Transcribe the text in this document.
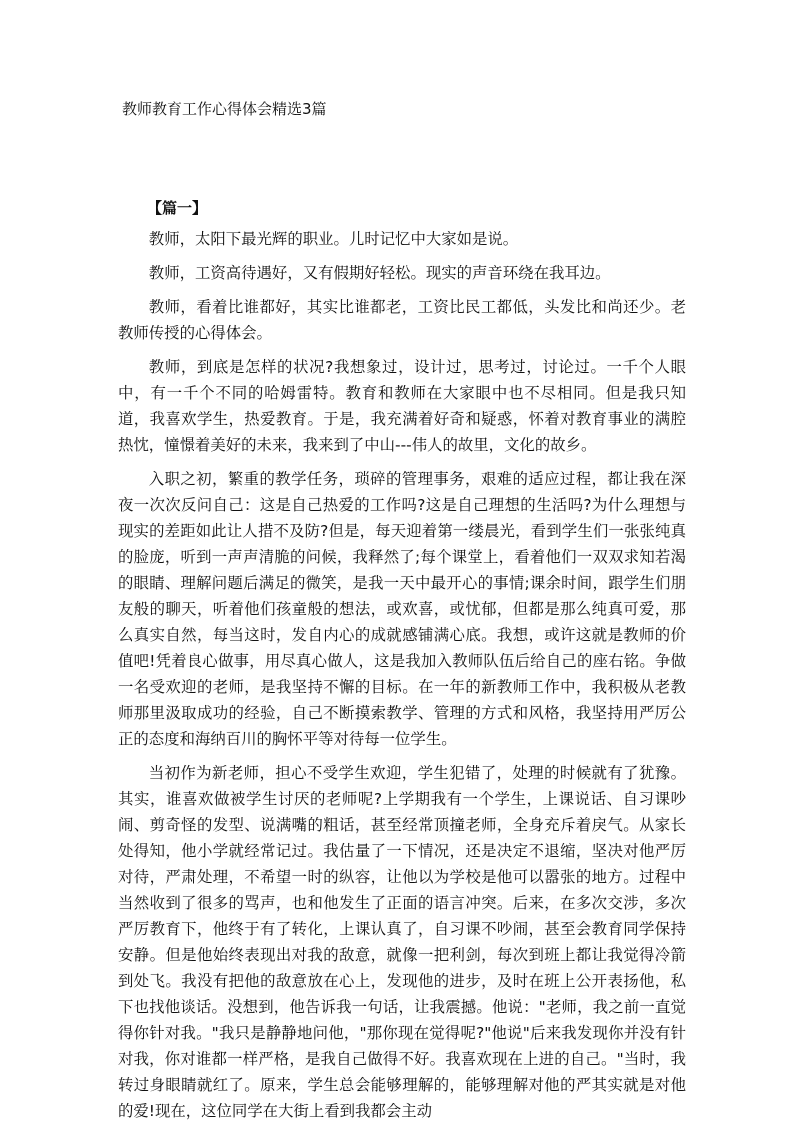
教师教育工作心得体会精选3篇
【篇一】

教师，太阳下最光辉的职业。儿时记忆中大家如是说。

教师，工资高待遇好，又有假期好轻松。现实的声音环绕在我耳边。

教师，看着比谁都好，其实比谁都老，工资比民工都低，头发比和尚还少。老教师传授的心得体会。

教师，到底是怎样的状况?我想象过，设计过，思考过，讨论过。一千个人眼中，有一千个不同的哈姆雷特。教育和教师在大家眼中也不尽相同。但是我只知道，我喜欢学生，热爱教育。于是，我充满着好奇和疑惑，怀着对教育事业的满腔热忱，憧憬着美好的未来，我来到了中山---伟人的故里，文化的故乡。

入职之初，繁重的教学任务，琐碎的管理事务，艰难的适应过程，都让我在深夜一次次反问自己：这是自己热爱的工作吗?这是自己理想的生活吗?为什么理想与现实的差距如此让人措不及防?但是，每天迎着第一缕晨光，看到学生们一张张纯真的脸庞，听到一声声清脆的问候，我释然了;每个课堂上，看着他们一双双求知若渴的眼睛、理解问题后满足的微笑，是我一天中最开心的事情;课余时间，跟学生们朋友般的聊天，听着他们孩童般的想法，或欢喜，或忧郁，但都是那么纯真可爱，那么真实自然，每当这时，发自内心的成就感铺满心底。我想，或许这就是教师的价值吧!凭着良心做事，用尽真心做人，这是我加入教师队伍后给自己的座右铭。争做一名受欢迎的老师，是我坚持不懈的目标。在一年的新教师工作中，我积极从老教师那里汲取成功的经验，自己不断摸索教学、管理的方式和风格，我坚持用严厉公正的态度和海纳百川的胸怀平等对待每一位学生。

当初作为新老师，担心不受学生欢迎，学生犯错了，处理的时候就有了犹豫。其实，谁喜欢做被学生讨厌的老师呢?上学期我有一个学生，上课说话、自习课吵闹、剪奇怪的发型、说满嘴的粗话，甚至经常顶撞老师，全身充斥着戾气。从家长处得知，他小学就经常记过。我估量了一下情况，还是决定不退缩，坚决对他严厉对待，严肃处理，不希望一时的纵容，让他以为学校是他可以嚣张的地方。过程中当然收到了很多的骂声，也和他发生了正面的语言冲突。后来，在多次交涉，多次严厉教育下，他终于有了转化，上课认真了，自习课不吵闹，甚至会教育同学保持安静。但是他始终表现出对我的敌意，就像一把利剑，每次到班上都让我觉得冷箭到处飞。我没有把他的敌意放在心上，发现他的进步，及时在班上公开表扬他，私下也找他谈话。没想到，他告诉我一句话，让我震撼。他说："老师，我之前一直觉得你针对我。"我只是静静地问他，"那你现在觉得呢?"他说"后来我发现你并没有针对我，你对谁都一样严格，是我自己做得不好。我喜欢现在上进的自己。"当时，我转过身眼睛就红了。原来，学生总会能够理解的，能够理解对他的严其实就是对他的爱!现在，这位同学在大街上看到我都会主动
